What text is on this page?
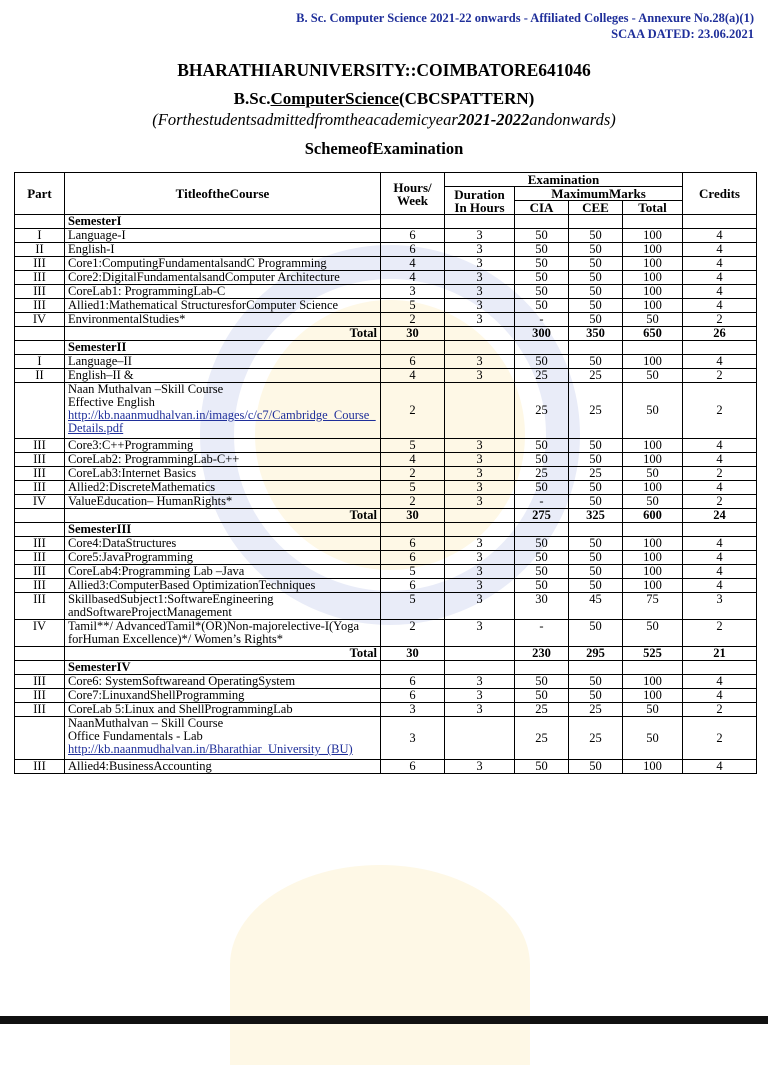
B. Sc. Computer Science 2021-22 onwards - Affiliated Colleges - Annexure No.28(a)(1)
SCAA DATED: 23.06.2021
BHARATHIARUNIVERSITY::COIMBATORE641046
B.Sc.ComputerScience(CBCSPATTERN)
(Forthestudentsadmittedfromtheacademicyear2021-2022andonwards)
SchemeofExamination
Part	TitleoftheCourse	Hours/ Week	Examination				Credits
			Duration In Hours	MaximumMarks			
				CIA	CEE	Total	
	SemesterI						
I	Language-I	6	3	50	50	100	4
II	English-I	6	3	50	50	100	4
III	Core1:ComputingFundamentalsandC Programming	4	3	50	50	100	4
III	Core2:DigitalFundamentalsandComputer Architecture	4	3	50	50	100	4
III	CoreLab1: ProgrammingLab-C	3	3	50	50	100	4
III	Allied1:Mathematical StructuresforComputer Science	5	3	50	50	100	4
IV	EnvironmentalStudies*	2	3	-	50	50	2
	Total	30		300	350	650	26
	SemesterII						
I	Language–II	6	3	50	50	100	4
II	English–II &	4	3	25	25	50	2

	Naan Muthalvan –Skill Course
Effective English
http://kb.naanmudhalvan.in/images/c/c7/Cambridge_Course_Details.pdf	2		25	25	50	2
III	Core3:C++Programming	5	3	50	50	100	4
III	CoreLab2: ProgrammingLab-C++	4	3	50	50	100	4
III	CoreLab3:Internet Basics	2	3	25	25	50	2
III	Allied2:DiscreteMathematics	5	3	50	50	100	4
IV	ValueEducation– HumanRights*	2	3	-	50	50	2
	Total	30		275	325	600	24
	SemesterIII						
III	Core4:DataStructures	6	3	50	50	100	4
III	Core5:JavaProgramming	6	3	50	50	100	4
III	CoreLab4:Programming Lab –Java	5	3	50	50	100	4
III	Allied3:ComputerBased OptimizationTechniques	6	3	50	50	100	4
III	SkillbasedSubject1:SoftwareEngineering andSoftwareProjectManagement	5	3	30	45	75	3
IV	Tamil**/ AdvancedTamil*(OR)Non-majorelective-I(Yoga forHuman Excellence)*/ Women’s Rights*	2	3	-	50	50	2
	Total	30		230	295	525	21
	SemesterIV						
III	Core6: SystemSoftwareand OperatingSystem	6	3	50	50	100	4
III	Core7:LinuxandShellProgramming	6	3	50	50	100	4
III	CoreLab 5:Linux and ShellProgrammingLab	3	3	25	25	50	2

	NaanMuthalvan – Skill Course
Office Fundamentals - Lab
http://kb.naanmudhalvan.in/Bharathiar_University_(BU)	3		25	25	50	2
III	Allied4:BusinessAccounting	6	3	50	50	100	4
